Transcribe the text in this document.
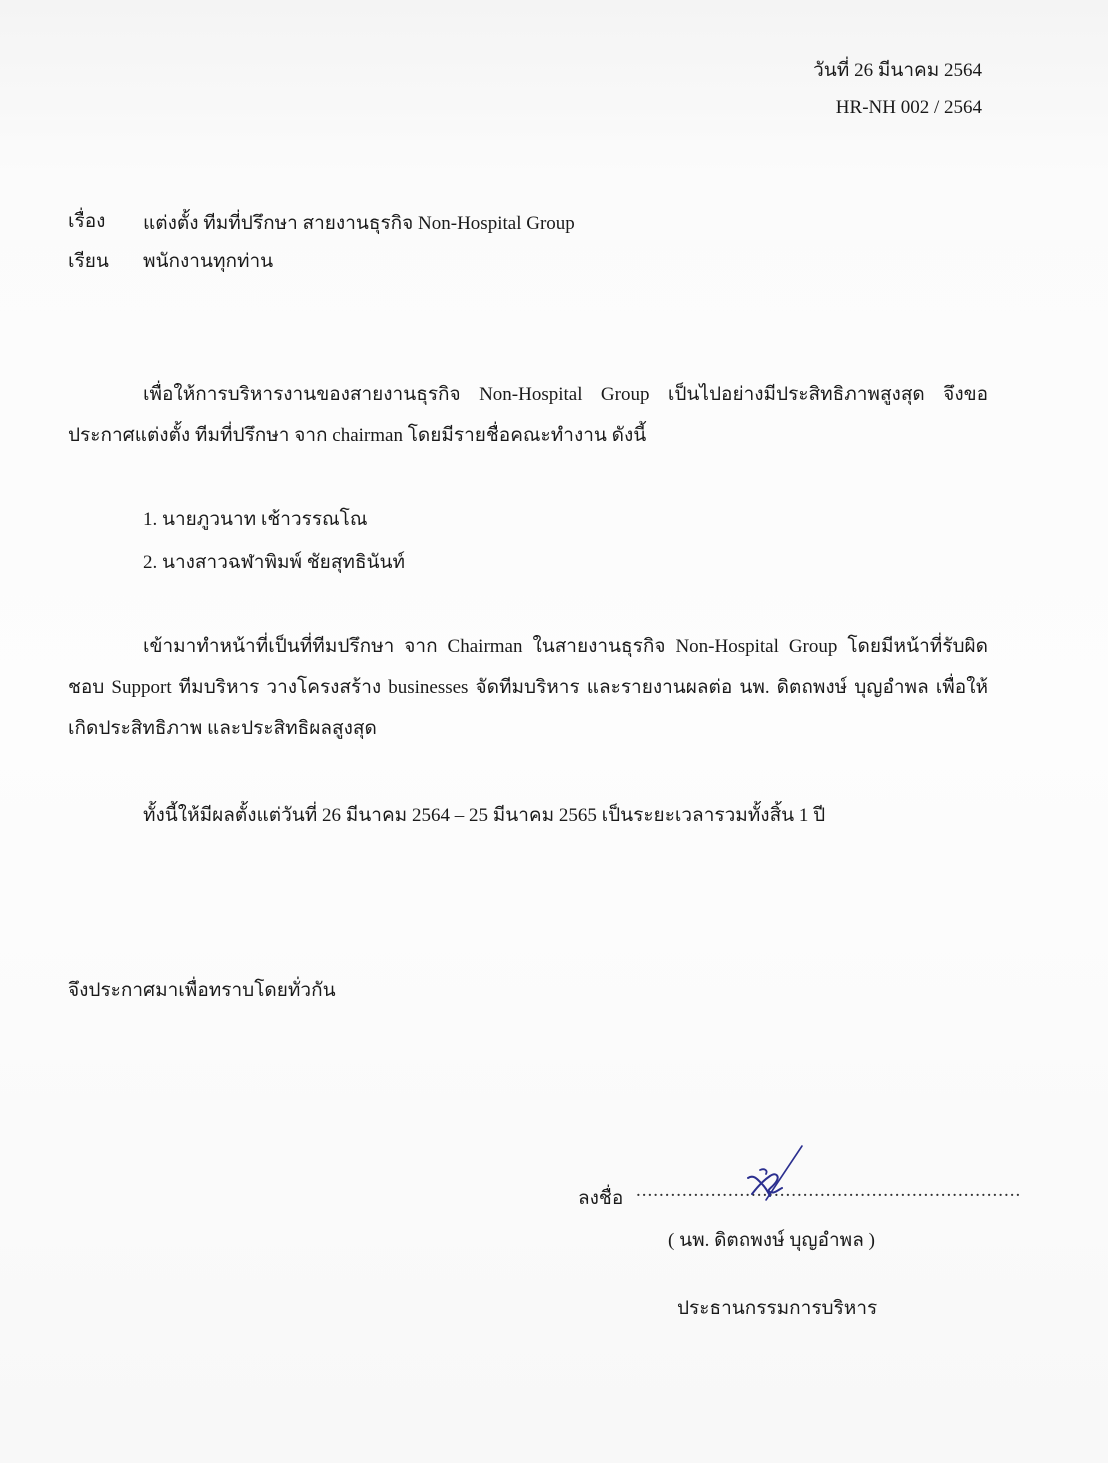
วันที่ 26 มีนาคม 2564
HR-NH 002 / 2564
เรื่อง แต่งตั้ง ทีมที่ปรึกษา สายงานธุรกิจ Non-Hospital Group
เรียน พนักงานทุกท่าน
เพื่อให้การบริหารงานของสายงานธุรกิจ Non-Hospital Group เป็นไปอย่างมีประสิทธิภาพสูงสุด จึงขอประกาศแต่งตั้ง ทีมที่ปรึกษา จาก chairman โดยมีรายชื่อคณะทำงาน ดังนี้
1. นายภูวนาท เช้าวรรณโณ
2. นางสาวฉฬาพิมพ์ ชัยสุทธินันท์
เข้ามาทำหน้าที่เป็นที่ทีมปรึกษา จาก Chairman ในสายงานธุรกิจ Non-Hospital Group โดยมีหน้าที่รับผิดชอบ Support ทีมบริหาร วางโครงสร้าง businesses จัดทีมบริหาร และรายงานผลต่อ นพ. ดิตถพงษ์ บุญอำพล เพื่อให้เกิดประสิทธิภาพ และประสิทธิผลสูงสุด
ทั้งนี้ให้มีผลตั้งแต่วันที่ 26 มีนาคม 2564 – 25 มีนาคม 2565 เป็นระยะเวลารวมทั้งสิ้น 1 ปี
จึงประกาศมาเพื่อทราบโดยทั่วกัน
ลงชื่อ ...................................................................
( นพ. ดิตถพงษ์ บุญอำพล )
ประธานกรรมการบริหาร
